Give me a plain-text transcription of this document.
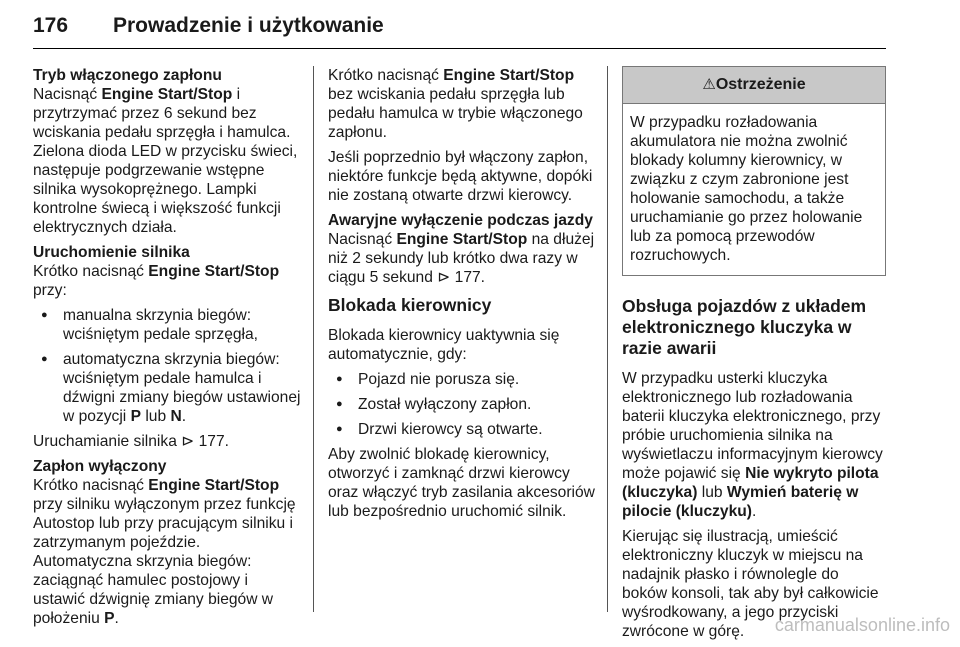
176 Prowadzenie i użytkowanie

Tryb włączonego zapłonu
Nacisnąć Engine Start/Stop i przytrzymać przez 6 sekund bez wciskania pedału sprzęgła i hamulca. Zielona dioda LED w przycisku świeci, następuje podgrzewanie wstępne silnika wysokoprężnego. Lampki kontrolne świecą i większość funkcji elektrycznych działa.

Uruchomienie silnika
Krótko nacisnąć Engine Start/Stop przy:

● manualna skrzynia biegów: wciśniętym pedale sprzęgła,
● automatyczna skrzynia biegów: wciśniętym pedale hamulca i dźwigni zmiany biegów ustawionej w pozycji P lub N.

Uruchamianie silnika ⊳ 177.

Zapłon wyłączony
Krótko nacisnąć Engine Start/Stop przy silniku wyłączonym przez funkcję Autostop lub przy pracującym silniku i zatrzymanym pojeździe. Automatyczna skrzynia biegów: zaciągnąć hamulec postojowy i ustawić dźwignię zmiany biegów w położeniu P.

Krótko nacisnąć Engine Start/Stop bez wciskania pedału sprzęgła lub pedału hamulca w trybie włączonego zapłonu.

Jeśli poprzednio był włączony zapłon, niektóre funkcje będą aktywne, dopóki nie zostaną otwarte drzwi kierowcy.

Awaryjne wyłączenie podczas jazdy
Nacisnąć Engine Start/Stop na dłużej niż 2 sekundy lub krótko dwa razy w ciągu 5 sekund ⊳ 177.

Blokada kierownicy

Blokada kierownicy uaktywnia się automatycznie, gdy:

● Pojazd nie porusza się.
● Został wyłączony zapłon.
● Drzwi kierowcy są otwarte.

Aby zwolnić blokadę kierownicy, otworzyć i zamknąć drzwi kierowcy oraz włączyć tryb zasilania akcesoriów lub bezpośrednio uruchomić silnik.

⚠Ostrzeżenie
W przypadku rozładowania akumulatora nie można zwolnić blokady kolumny kierownicy, w związku z czym zabronione jest holowanie samochodu, a także uruchamianie go przez holowanie lub za pomocą przewodów rozruchowych.
Obsługa pojazdów z układem elektronicznego kluczyka w razie awarii

W przypadku usterki kluczyka elektronicznego lub rozładowania baterii kluczyka elektronicznego, przy próbie uruchomienia silnika na wyświetlaczu informacyjnym kierowcy może pojawić się Nie wykryto pilota (kluczyka) lub Wymień baterię w pilocie (kluczyku).

Kierując się ilustracją, umieścić elektroniczny kluczyk w miejscu na nadajnik płasko i równolegle do boków konsoli, tak aby był całkowicie wyśrodkowany, a jego przyciski zwrócone w górę.	carmanualsonline.info
